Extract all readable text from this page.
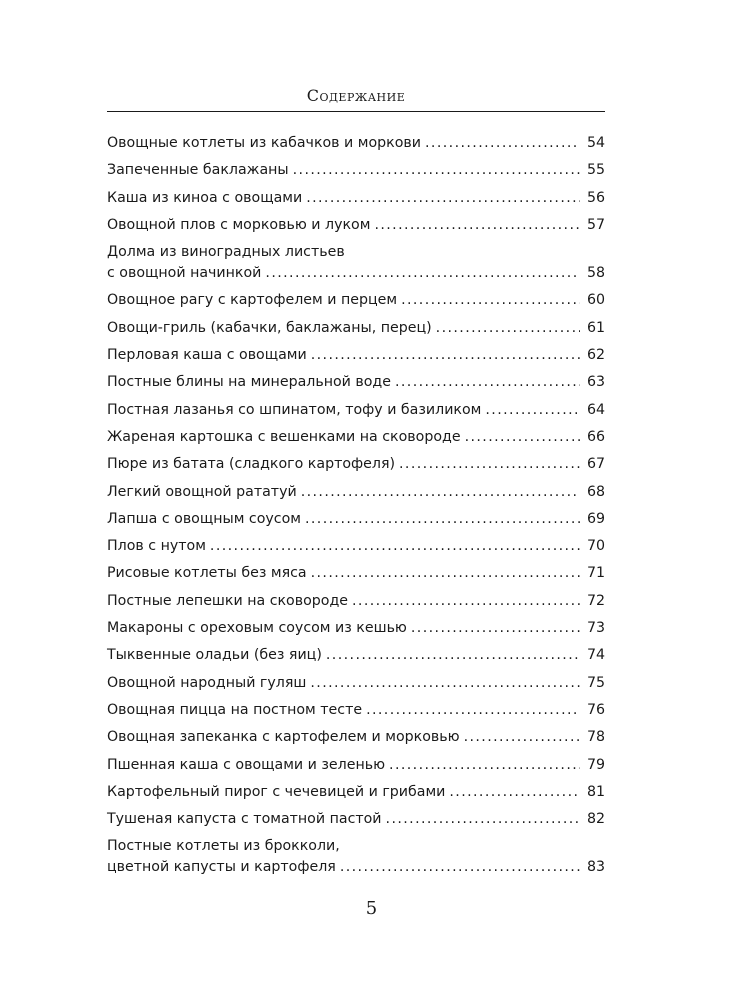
Содержание
Овощные котлеты из кабачков и моркови .....	54
Запеченные баклажаны .....	55
Каша из киноа с овощами .....	56
Овощной плов с морковью и луком .....	57
Долма из виноградных листьев
с овощной начинкой .....	58
Овощное рагу с картофелем и перцем .....	60
Овощи-гриль (кабачки, баклажаны, перец) .....	61
Перловая каша с овощами .....	62
Постные блины на минеральной воде .....	63
Постная лазанья со шпинатом, тофу и базиликом .....	64
Жареная картошка с вешенками на сковороде .....	66
Пюре из батата (сладкого картофеля) .....	67
Легкий овощной рататуй .....	68
Лапша с овощным соусом .....	69
Плов с нутом .....	70
Рисовые котлеты без мяса .....	71
Постные лепешки на сковороде .....	72
Макароны с ореховым соусом из кешью .....	73
Тыквенные оладьи (без яиц) .....	74
Овощной народный гуляш .....	75
Овощная пицца на постном тесте .....	76
Овощная запеканка с картофелем и морковью .....	78
Пшенная каша с овощами и зеленью .....	79
Картофельный пирог с чечевицей и грибами .....	81
Тушеная капуста с томатной пастой .....	82
Постные котлеты из брокколи,
цветной капусты и картофеля .....	83
5
